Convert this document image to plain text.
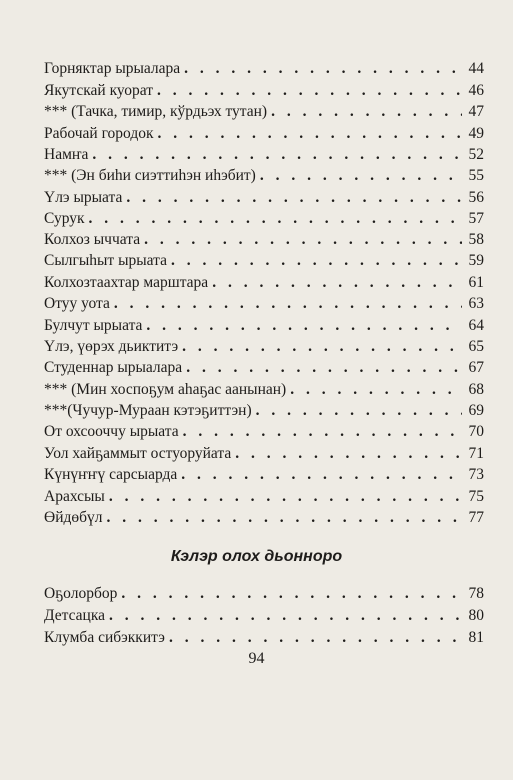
Горняктар ырыалара . . .	44
Якутскай куорат . . .	46
*** (Тачка, тимир, кўрдьэх тутан) . . .	47
Рабочай городок . . .	49
Намҥа . . .	52
*** (Эн биhи сиэттиhэн иhэбит) . . .	55
Үлэ ырыата . . .	56
Сурук . . .	57
Колхоз ыччата . . .	58
Сылгыhыт ырыата . . .	59
Колхозтаахтар марштара . . .	61
Отуу уота . . .	63
Булчут ырыата . . .	64
Үлэ, үөрэх дьиктитэ . . .	65
Студеннар ырыалара . . .	67
*** (Мин хоспоҕум аhаҕас аанынан) . . .	68
***(Чучур-Мураан кэтэҕиттэн) . . .	69
От охсооччу ырыата . . .	70
Уол хайҕаммыт остуоруйата . . .	71
Күнүҥҥү сарсыарда . . .	73
Арахсыы . . .	75
Өйдөбүл . . .	77
Кэлэр олох дьоннорo
Оҕолорбор . . .	78
Детсацка . . .	80
Клумба сибэккитэ . . .	81
94
